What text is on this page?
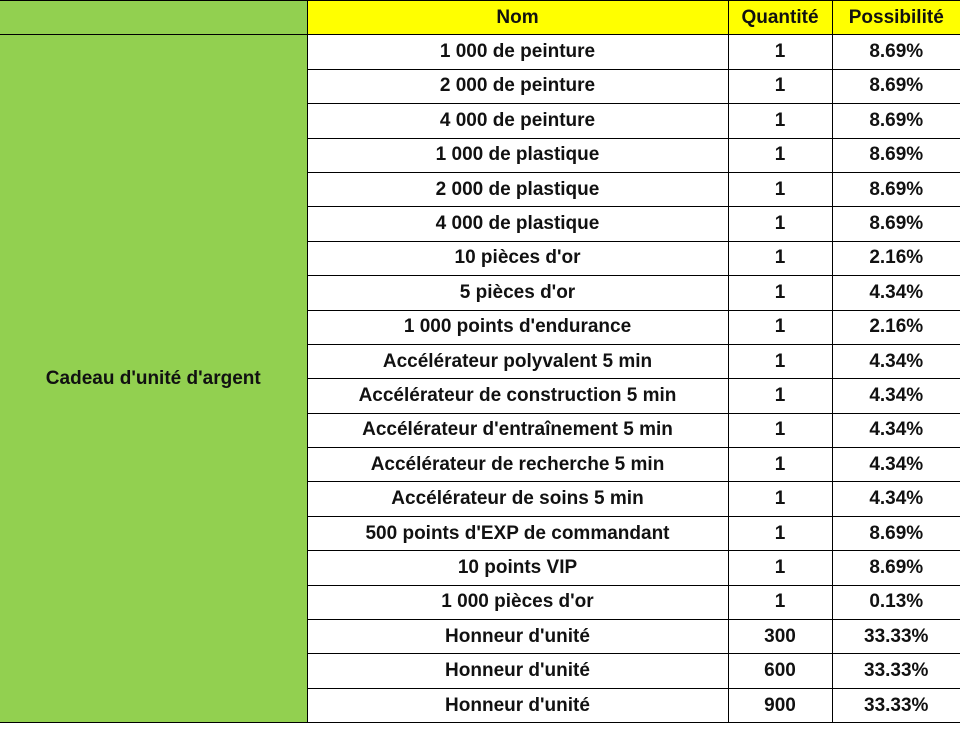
	Nom	Quantité	Possibilité
Cadeau d'unité d'argent	1 000 de peinture	1	8.69%
	2 000 de peinture	1	8.69%
	4 000 de peinture	1	8.69%
	1 000 de plastique	1	8.69%
	2 000 de plastique	1	8.69%
	4 000 de plastique	1	8.69%
	10 pièces d'or	1	2.16%
	5 pièces d'or	1	4.34%
	1 000 points d'endurance	1	2.16%
	Accélérateur polyvalent 5 min	1	4.34%
	Accélérateur de construction 5 min	1	4.34%
	Accélérateur d'entraînement 5 min	1	4.34%
	Accélérateur de recherche 5 min	1	4.34%
	Accélérateur de soins 5 min	1	4.34%
	500 points d'EXP de commandant	1	8.69%
	10 points VIP	1	8.69%
	1 000 pièces d'or	1	0.13%
	Honneur d'unité	300	33.33%
	Honneur d'unité	600	33.33%
	Honneur d'unité	900	33.33%
